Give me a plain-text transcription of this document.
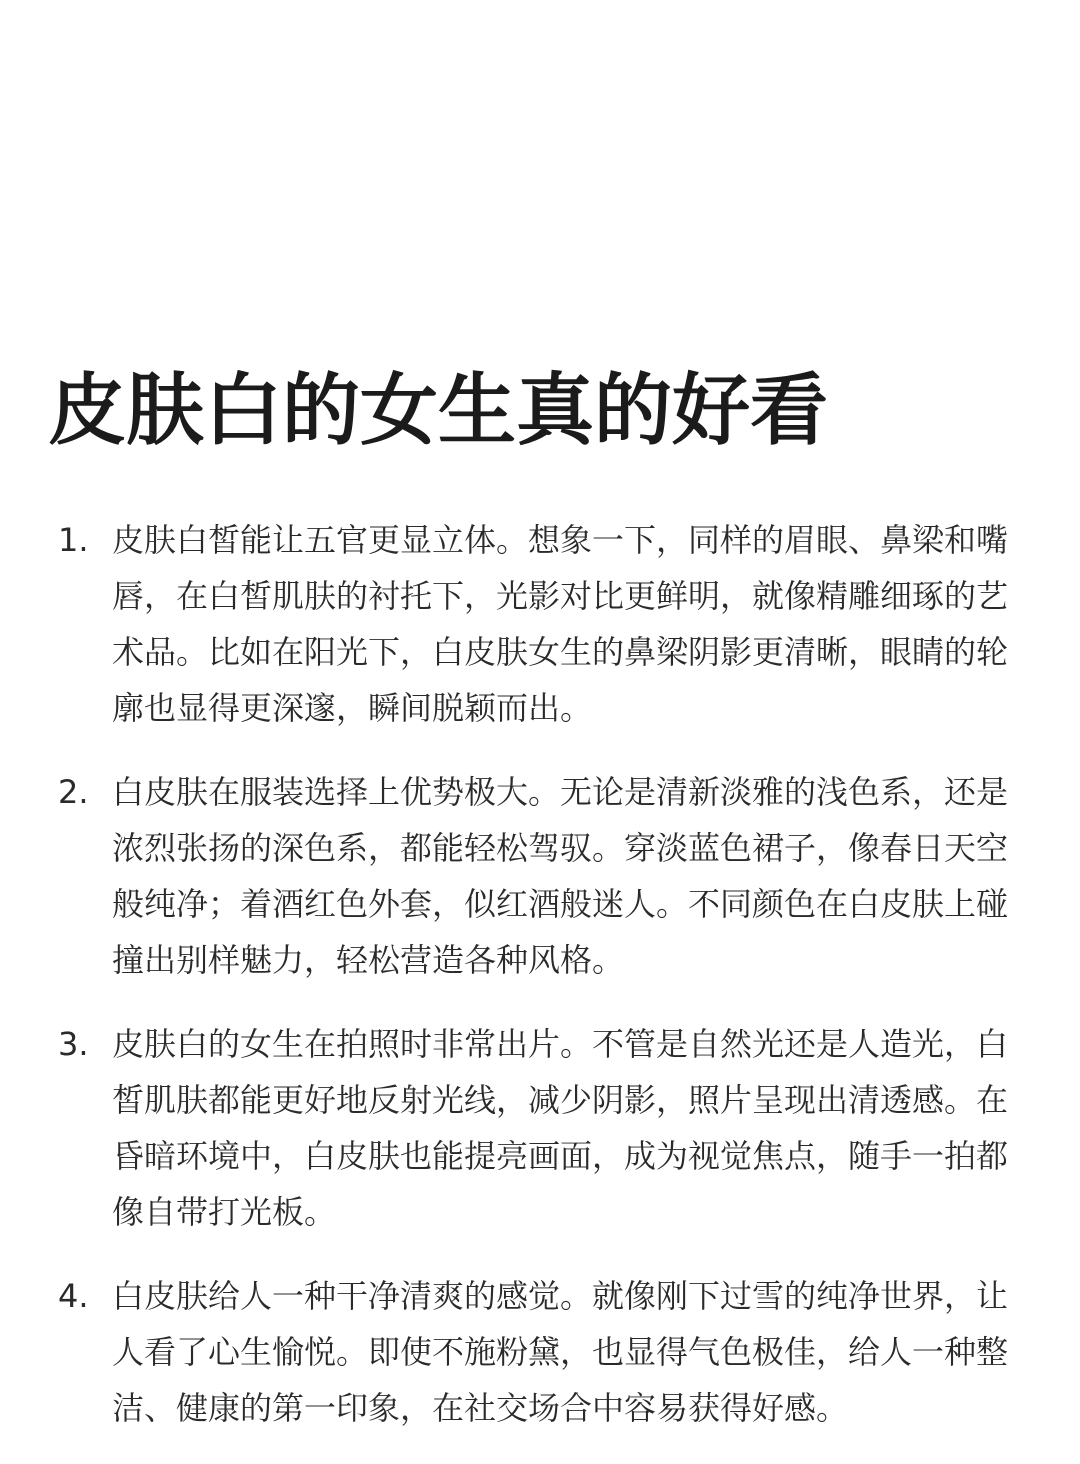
皮肤白的女生真的好看
1. 皮肤白皙能让五官更显立体。想象一下，同样的眉眼、鼻梁和嘴唇，在白皙肌肤的衬托下，光影对比更鲜明，就像精雕细琢的艺术品。比如在阳光下，白皮肤女生的鼻梁阴影更清晰，眼睛的轮廓也显得更深邃，瞬间脱颖而出。
2. 白皮肤在服装选择上优势极大。无论是清新淡雅的浅色系，还是浓烈张扬的深色系，都能轻松驾驭。穿淡蓝色裙子，像春日天空般纯净；着酒红色外套，似红酒般迷人。不同颜色在白皮肤上碰撞出别样魅力，轻松营造各种风格。
3. 皮肤白的女生在拍照时非常出片。不管是自然光还是人造光，白皙肌肤都能更好地反射光线，减少阴影，照片呈现出清透感。在昏暗环境中，白皮肤也能提亮画面，成为视觉焦点，随手一拍都像自带打光板。
4. 白皮肤给人一种干净清爽的感觉。就像刚下过雪的纯净世界，让人看了心生愉悦。即使不施粉黛，也显得气色极佳，给人一种整洁、健康的第一印象，在社交场合中容易获得好感。
